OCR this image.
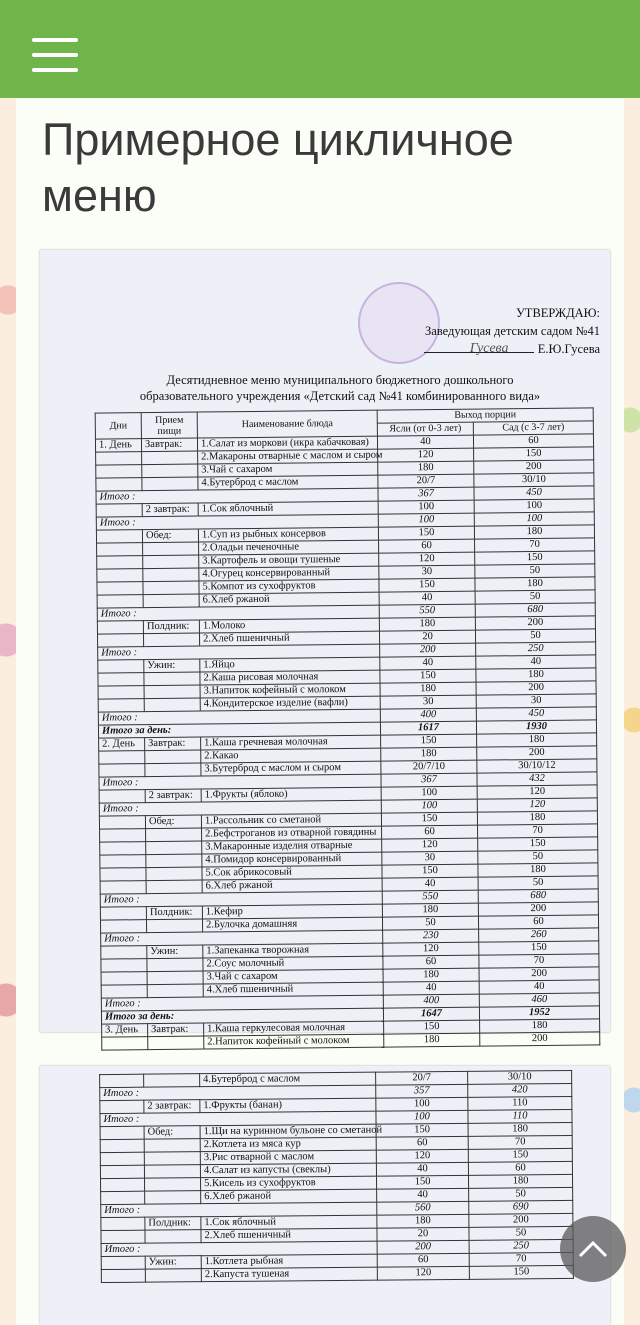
Примерное цикличное меню
УТВЕРЖДАЮ:
Заведующая детским садом №41
Гусева Е.Ю.Гусева
Десятидневное меню муниципального бюджетного дошкольного
образовательного учреждения «Детский сад №41 комбинированного вида»
Дни	Прием пищи	Наименование блюда	Выход порции	
			Ясли (от 0-3 лет)	Сад (с 3-7 лет)
1. День	Завтрак:	1.Салат из моркови (икра кабачковая)	40	60
		2.Макароны отварные с маслом и сыром	120	150
		3.Чай с сахаром	180	200
		4.Бутерброд с маслом	20/7	30/10
Итого :			367	450
	2 завтрак:	1.Сок яблочный	100	100
Итого :			100	100
	Обед:	1.Суп из рыбных консервов	150	180
		2.Оладьи печеночные	60	70
		3.Картофель и овощи тушеные	120	150
		4.Огурец консервированный	30	50
		5.Компот из сухофруктов	150	180
		6.Хлеб ржаной	40	50
Итого :			550	680
	Полдник:	1.Молоко	180	200
		2.Хлеб пшеничный	20	50
Итого :			200	250
	Ужин:	1.Яйцо	40	40
		2.Каша рисовая молочная	150	180
		3.Напиток кофейный с молоком	180	200
		4.Кондитерское изделие (вафли)	30	30
Итого :			400	450
Итого за день:			1617	1930
2. День	Завтрак:	1.Каша гречневая молочная	150	180
		2.Какао	180	200
		3.Бутерброд с маслом и сыром	20/7/10	30/10/12
Итого :			367	432
	2 завтрак:	1.Фрукты (яблоко)	100	120
Итого :			100	120
	Обед:	1.Рассольник со сметаной	150	180
		2.Бефстроганов из отварной говядины	60	70
		3.Макаронные изделия отварные	120	150
		4.Помидор консервированный	30	50
		5.Сок абрикосовый	150	180
		6.Хлеб ржаной	40	50
Итого :			550	680
	Полдник:	1.Кефир	180	200
		2.Булочка домашняя	50	60
Итого :			230	260
	Ужин:	1.Запеканка творожная	120	150
		2.Соус молочный	60	70
		3.Чай с сахаром	180	200
		4.Хлеб пшеничный	40	40
Итого :			400	460
Итого за день:			1647	1952
3. День	Завтрак:	1.Каша геркулесовая молочная	150	180
		2.Напиток кофейный с молоком	180	200
		4.Бутерброд с маслом	20/7	30/10
Итого :			357	420
	2 завтрак:	1.Фрукты (банан)	100	110
Итого :			100	110
	Обед:	1.Щи на куринном бульоне со сметаной	150	180
		2.Котлета из мяса кур	60	70
		3.Рис отварной с маслом	120	150
		4.Салат из капусты (свеклы)	40	60
		5.Кисель из сухофруктов	150	180
		6.Хлеб ржаной	40	50
Итого :			560	690
	Полдник:	1.Сок яблочный	180	200
		2.Хлеб пшеничный	20	50
Итого :			200	250
	Ужин:	1.Котлета рыбная	60	70
		2.Капуста тушеная	120	150
